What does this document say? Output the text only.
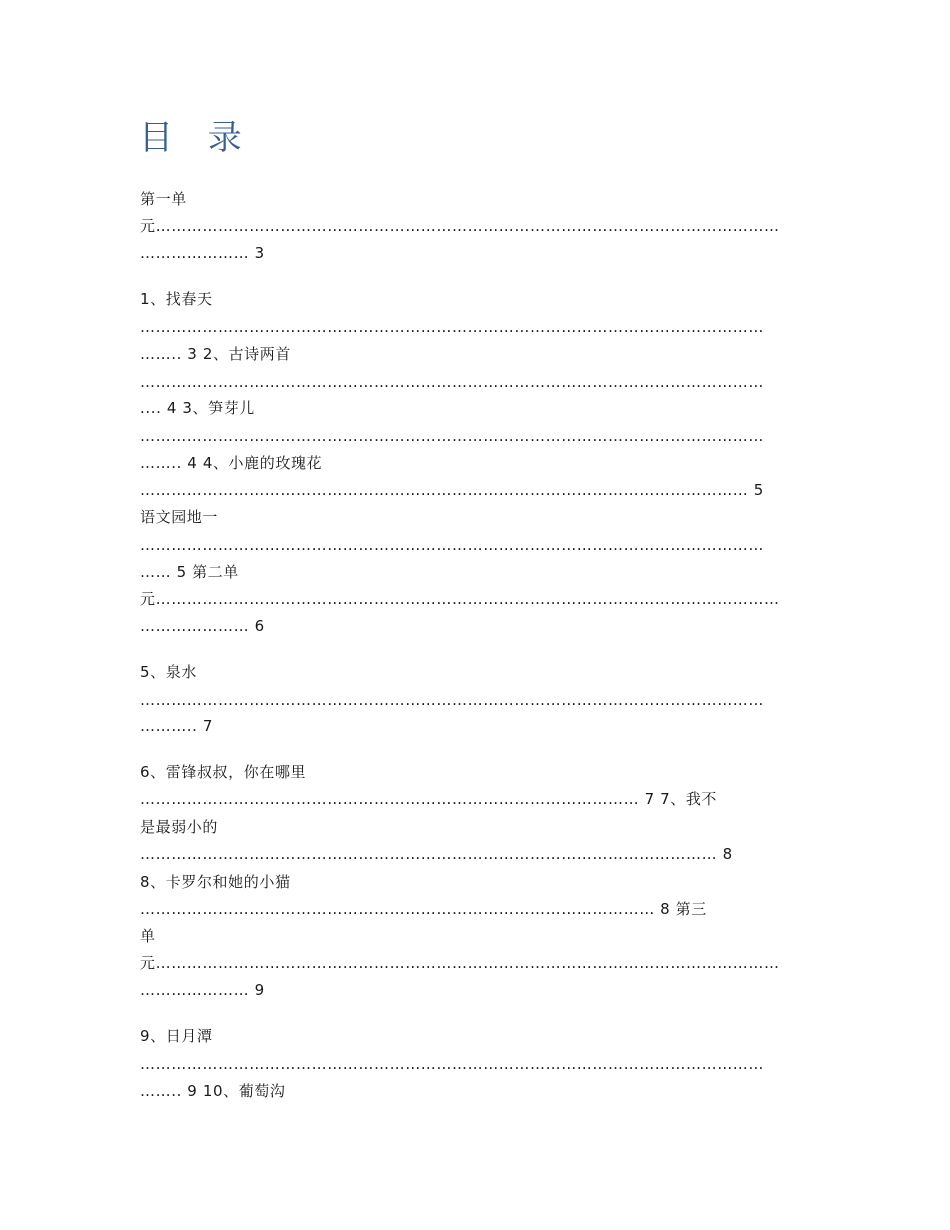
目 录
第一单
元…………………………………………………………………………………………………………
………………… 3
1、找春天
…………………………………………………………………………………………………………
…….. 3 2、古诗两首
…………………………………………………………………………………………………………
.... 4 3、笋芽儿
…………………………………………………………………………………………………………
…….. 4 4、小鹿的玫瑰花
……………………………………………………………………………………………………… 5
语文园地一
…………………………………………………………………………………………………………
…… 5 第二单
元…………………………………………………………………………………………………………
………………… 6
5、泉水
…………………………………………………………………………………………………………
……….. 7
6、雷锋叔叔，你在哪里
…………………………………………………………………………………… 7 7、我不
是最弱小的
………………………………………………………………………………………………… 8
8、卡罗尔和她的小猫
……………………………………………………………………………………… 8 第三
单
元…………………………………………………………………………………………………………
………………… 9
9、日月潭
…………………………………………………………………………………………………………
…….. 9 10、葡萄沟
